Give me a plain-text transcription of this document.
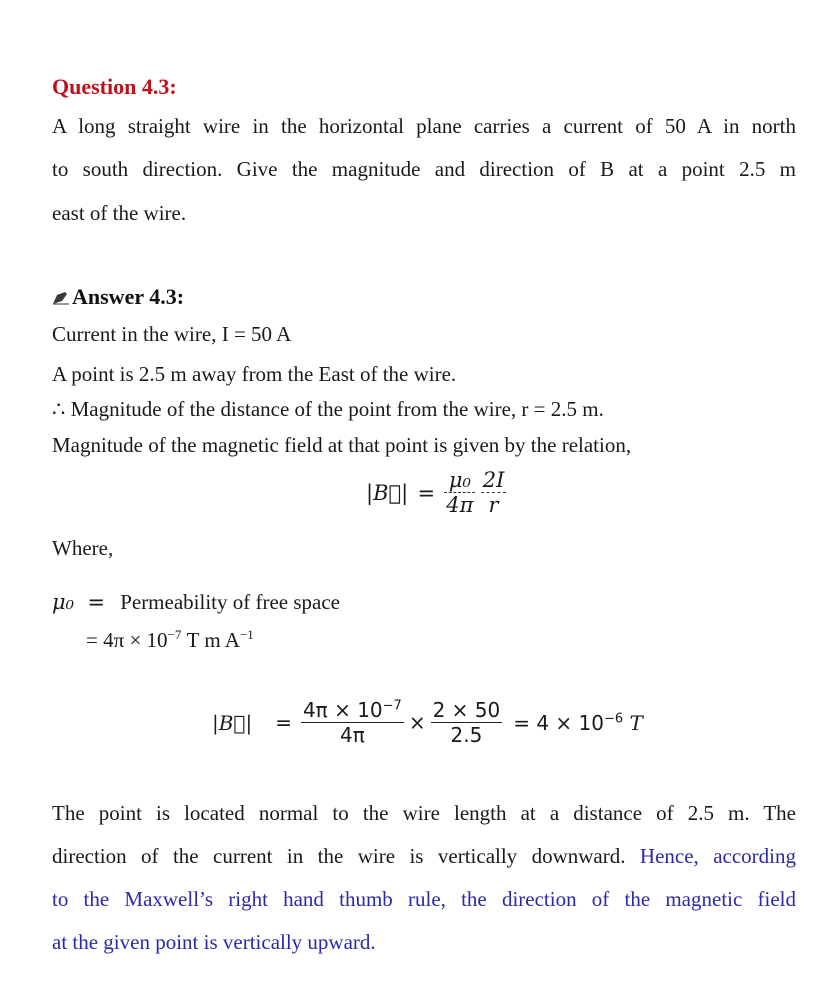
Question 4.3:
A long straight wire in the horizontal plane carries a current of 50 A in north
to south direction. Give the magnitude and direction of B at a point 2.5 m
east of the wire.
Answer 4.3:
Current in the wire, I = 50 A
A point is 2.5 m away from the East of the wire.
∴ Magnitude of the distance of the point from the wire, r = 2.5 m.
Magnitude of the magnetic field at that point is given by the relation,
|B⃗| = $\frac{\text{μ₀}}{4\pi}$
$\frac{2I}{r}$
Where,
μ₀ = Permeability of free space
= $4\pi \times 10^{-7}$ T m $A^{-1}$
|B⃗| = $\frac{4\pi \times 10^{-7}}{4\pi} \times \frac{2 \times 50}{2.5} = 4 \times 10^{-6}$ T
The point is located normal to the wire length at a distance of 2.5 m. The
direction of the current in the wire is vertically downward. Hence, according
to the Maxwell’s right hand thumb rule, the direction of the magnetic field
at the given point is vertically upward.
